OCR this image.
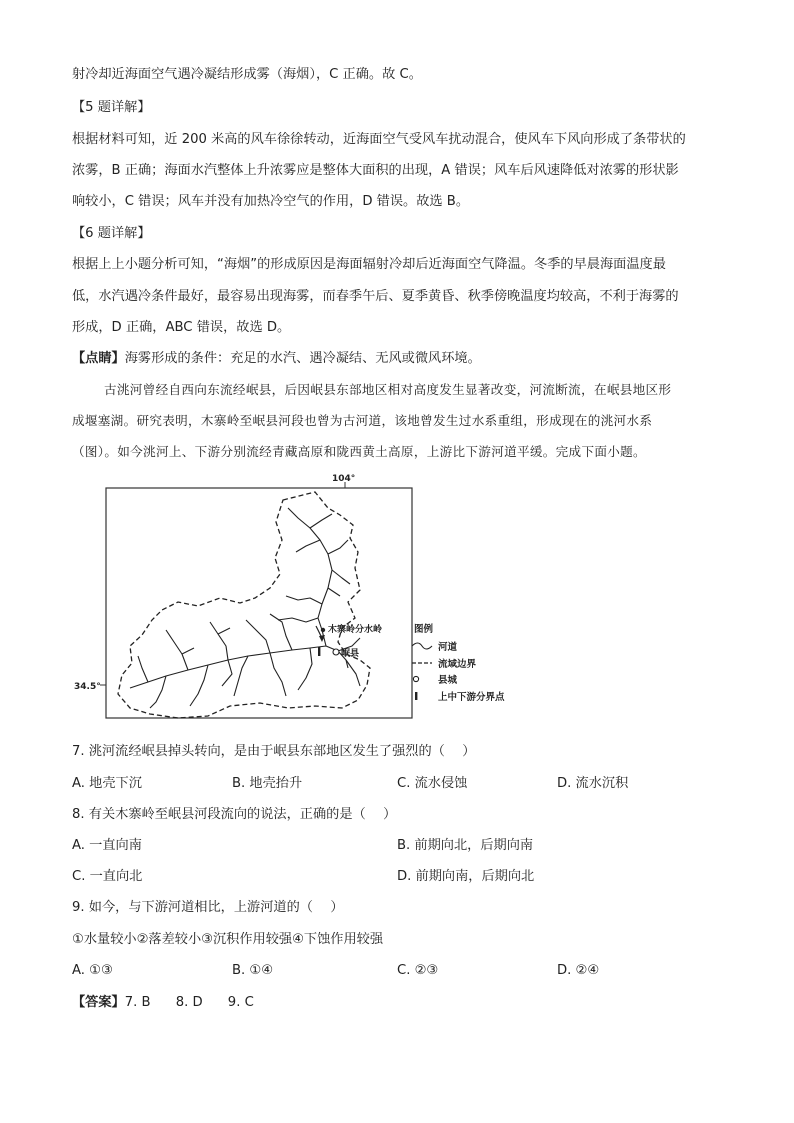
射冷却近海面空气遇冷凝结形成雾（海烟），C 正确。故 C。
【5 题详解】
根据材料可知，近 200 米高的风车徐徐转动，近海面空气受风车扰动混合，使风车下风向形成了条带状的
浓雾，B 正确；海面水汽整体上升浓雾应是整体大面积的出现，A 错误；风车后风速降低对浓雾的形状影
响较小，C 错误；风车并没有加热冷空气的作用，D 错误。故选 B。
【6 题详解】
根据上上小题分析可知，“海烟”的形成原因是海面辐射冷却后近海面空气降温。冬季的早晨海面温度最
低，水汽遇冷条件最好，最容易出现海雾，而春季午后、夏季黄昏、秋季傍晚温度均较高，不利于海雾的
形成，D 正确，ABC 错误，故选 D。
【点睛】海雾形成的条件：充足的水汽、遇冷凝结、无风或微风环境。
古洮河曾经自西向东流经岷县，后因岷县东部地区相对高度发生显著改变，河流断流，在岷县地区形
成堰塞湖。研究表明，木寨岭至岷县河段也曾为古河道，该地曾发生过水系重组，形成现在的洮河水系
（图）。如今洮河上、下游分别流经青藏高原和陇西黄土高原，上游比下游河道平缓。完成下面小题。
104°
34.5°
木寨岭分水岭
岷县
图例
河道
流域边界
县城
上中下游分界点
7. 洮河流经岷县掉头转向，是由于岷县东部地区发生了强烈的（　 ）
A. 地壳下沉	B. 地壳抬升	C. 流水侵蚀	D. 流水沉积
8. 有关木寨岭至岷县河段流向的说法，正确的是（　 ）
A. 一直向南	B. 前期向北，后期向南
C. 一直向北	D. 前期向南，后期向北
9. 如今，与下游河道相比，上游河道的（　 ）
①水量较小②落差较小③沉积作用较强④下蚀作用较强
A. ①③	B. ①④	C. ②③	D. ②④
【答案】7. B      8. D      9. C
